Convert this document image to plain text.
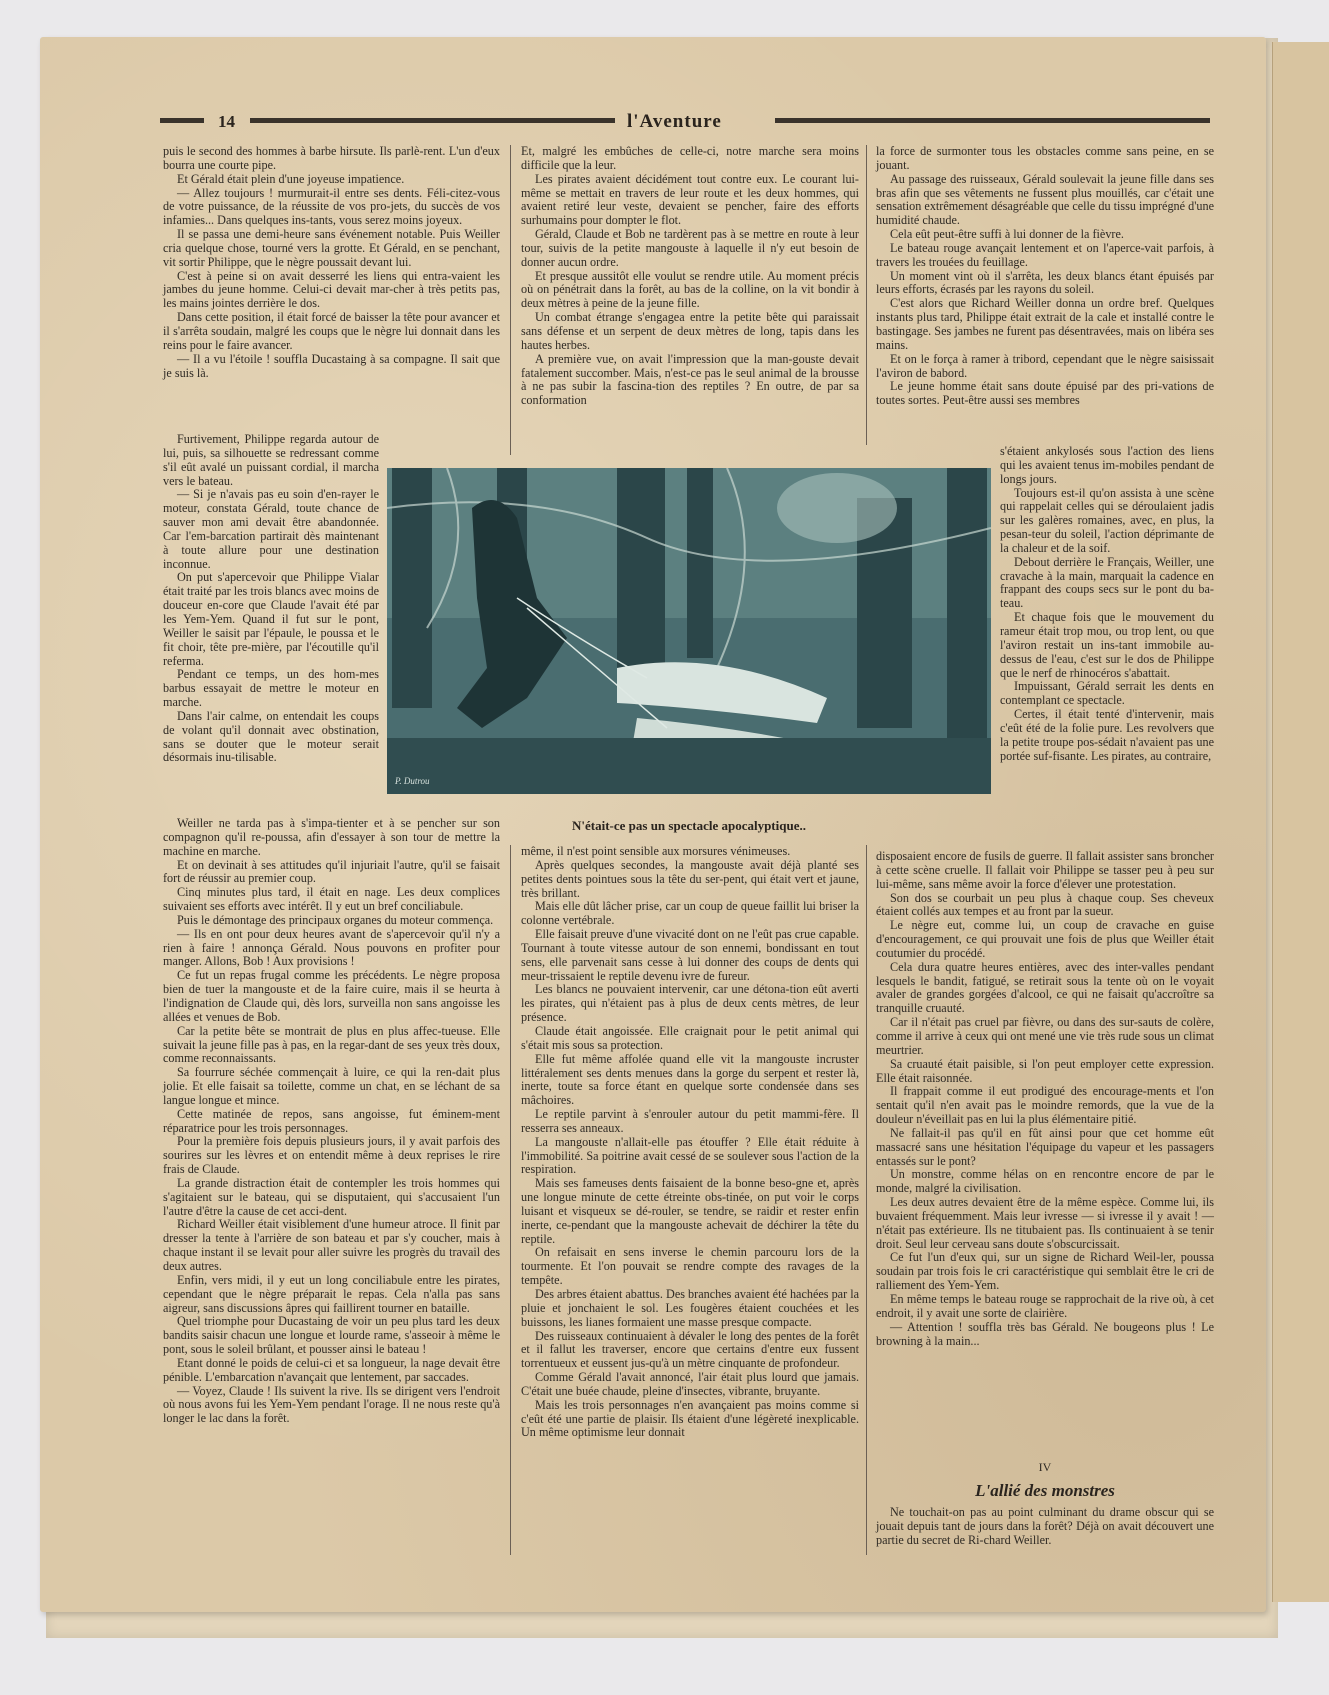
14	l'Aventure

puis le second des hommes à barbe hirsute. Ils parlè-rent. L'un d'eux bourra une courte pipe.

Et Gérald était plein d'une joyeuse impatience.

— Allez toujours ! murmurait-il entre ses dents. Féli-citez-vous de votre puissance, de la réussite de vos pro-jets, du succès de vos infamies... Dans quelques ins-tants, vous serez moins joyeux.

Il se passa une demi-heure sans événement notable. Puis Weiller cria quelque chose, tourné vers la grotte. Et Gérald, en se penchant, vit sortir Philippe, que le nègre poussait devant lui.

C'est à peine si on avait desserré les liens qui entra-vaient les jambes du jeune homme. Celui-ci devait mar-cher à très petits pas, les mains jointes derrière le dos.

Dans cette position, il était forcé de baisser la tête pour avancer et il s'arrêta soudain, malgré les coups que le nègre lui donnait dans les reins pour le faire avancer.

— Il a vu l'étoile ! souffla Ducastaing à sa compagne. Il sait que je suis là.

Furtivement, Philippe regarda autour de lui, puis, sa silhouette se redressant comme s'il eût avalé un puissant cordial, il marcha vers le bateau.

— Si je n'avais pas eu soin d'en-rayer le moteur, constata Gérald, toute chance de sauver mon ami devait être abandonnée. Car l'em-barcation partirait dès maintenant à toute allure pour une destination inconnue.

On put s'apercevoir que Philippe Vialar était traité par les trois blancs avec moins de douceur en-core que Claude l'avait été par les Yem-Yem. Quand il fut sur le pont, Weiller le saisit par l'épaule, le poussa et le fit choir, tête pre-mière, par l'écoutille qu'il referma.

Pendant ce temps, un des hom-mes barbus essayait de mettre le moteur en marche.

Dans l'air calme, on entendait les coups de volant qu'il donnait avec obstination, sans se douter que le moteur serait désormais inu-tilisable.

Et, malgré les embûches de celle-ci, notre marche sera moins difficile que la leur.

Les pirates avaient décidément tout contre eux. Le courant lui-même se mettait en travers de leur route et les deux hommes, qui avaient retiré leur veste, devaient se pencher, faire des efforts surhumains pour dompter le flot.

Gérald, Claude et Bob ne tardèrent pas à se mettre en route à leur tour, suivis de la petite mangouste à laquelle il n'y eut besoin de donner aucun ordre.

Et presque aussitôt elle voulut se rendre utile. Au moment précis où on pénétrait dans la forêt, au bas de la colline, on la vit bondir à deux mètres à peine de la jeune fille.

Un combat étrange s'engagea entre la petite bête qui paraissait sans défense et un serpent de deux mètres de long, tapis dans les hautes herbes.

A première vue, on avait l'impression que la man-gouste devait fatalement succomber. Mais, n'est-ce pas le seul animal de la brousse à ne pas subir la fascina-tion des reptiles ? En outre, de par sa conformation

la force de surmonter tous les obstacles comme sans peine, en se jouant.

Au passage des ruisseaux, Gérald soulevait la jeune fille dans ses bras afin que ses vêtements ne fussent plus mouillés, car c'était une sensation extrêmement désagréable que celle du tissu imprégné d'une humidité chaude.

Cela eût peut-être suffi à lui donner de la fièvre.

Le bateau rouge avançait lentement et on l'aperce-vait parfois, à travers les trouées du feuillage.

Un moment vint où il s'arrêta, les deux blancs étant épuisés par leurs efforts, écrasés par les rayons du soleil.

C'est alors que Richard Weiller donna un ordre bref. Quelques instants plus tard, Philippe était extrait de la cale et installé contre le bastingage. Ses jambes ne furent pas désentravées, mais on libéra ses mains.

Et on le força à ramer à tribord, cependant que le nègre saisissait l'aviron de babord.

Le jeune homme était sans doute épuisé par des pri-vations de toutes sortes. Peut-être aussi ses membres

s'étaient ankylosés sous l'action des liens qui les avaient tenus im-mobiles pendant de longs jours.

Toujours est-il qu'on assista à une scène qui rappelait celles qui se déroulaient jadis sur les galères romaines, avec, en plus, la pesan-teur du soleil, l'action déprimante de la chaleur et de la soif.

Debout derrière le Français, Weiller, une cravache à la main, marquait la cadence en frappant des coups secs sur le pont du ba-teau.

Et chaque fois que le mouvement du rameur était trop mou, ou trop lent, ou que l'aviron restait un ins-tant immobile au-dessus de l'eau, c'est sur le dos de Philippe que le nerf de rhinocéros s'abattait.

Impuissant, Gérald serrait les dents en contemplant ce spectacle.

Certes, il était tenté d'intervenir, mais c'eût été de la folie pure. Les revolvers que la petite troupe pos-sédait n'avaient pas une portée suf-fisante. Les pirates, au contraire,

P. Dutrou
N'était-ce pas un spectacle apocalyptique..

Weiller ne tarda pas à s'impa-tienter et à se pencher sur son compagnon qu'il re-poussa, afin d'essayer à son tour de mettre la machine en marche.

Et on devinait à ses attitudes qu'il injuriait l'autre, qu'il se faisait fort de réussir au premier coup.

Cinq minutes plus tard, il était en nage. Les deux complices suivaient ses efforts avec intérêt. Il y eut un bref conciliabule.

Puis le démontage des principaux organes du moteur commença.

— Ils en ont pour deux heures avant de s'apercevoir qu'il n'y a rien à faire ! annonça Gérald. Nous pouvons en profiter pour manger. Allons, Bob ! Aux provisions !

Ce fut un repas frugal comme les précédents. Le nègre proposa bien de tuer la mangouste et de la faire cuire, mais il se heurta à l'indignation de Claude qui, dès lors, surveilla non sans angoisse les allées et venues de Bob.

Car la petite bête se montrait de plus en plus affec-tueuse. Elle suivait la jeune fille pas à pas, en la regar-dant de ses yeux très doux, comme reconnaissants.

Sa fourrure séchée commençait à luire, ce qui la ren-dait plus jolie. Et elle faisait sa toilette, comme un chat, en se léchant de sa langue longue et mince.

Cette matinée de repos, sans angoisse, fut éminem-ment réparatrice pour les trois personnages.

Pour la première fois depuis plusieurs jours, il y avait parfois des sourires sur les lèvres et on entendit même à deux reprises le rire frais de Claude.

La grande distraction était de contempler les trois hommes qui s'agitaient sur le bateau, qui se disputaient, qui s'accusaient l'un l'autre d'être la cause de cet acci-dent.

Richard Weiller était visiblement d'une humeur atroce. Il finit par dresser la tente à l'arrière de son bateau et par s'y coucher, mais à chaque instant il se levait pour aller suivre les progrès du travail des deux autres.

Enfin, vers midi, il y eut un long conciliabule entre les pirates, cependant que le nègre préparait le repas. Cela n'alla pas sans aigreur, sans discussions âpres qui faillirent tourner en bataille.

Quel triomphe pour Ducastaing de voir un peu plus tard les deux bandits saisir chacun une longue et lourde rame, s'asseoir à même le pont, sous le soleil brûlant, et pousser ainsi le bateau !

Etant donné le poids de celui-ci et sa longueur, la nage devait être pénible. L'embarcation n'avançait que lentement, par saccades.

— Voyez, Claude ! Ils suivent la rive. Ils se dirigent vers l'endroit où nous avons fui les Yem-Yem pendant l'orage. Il ne nous reste qu'à longer le lac dans la forêt.

même, il n'est point sensible aux morsures vénimeuses.

Après quelques secondes, la mangouste avait déjà planté ses petites dents pointues sous la tête du ser-pent, qui était vert et jaune, très brillant.

Mais elle dût lâcher prise, car un coup de queue faillit lui briser la colonne vertébrale.

Elle faisait preuve d'une vivacité dont on ne l'eût pas crue capable. Tournant à toute vitesse autour de son ennemi, bondissant en tout sens, elle parvenait sans cesse à lui donner des coups de dents qui meur-trissaient le reptile devenu ivre de fureur.

Les blancs ne pouvaient intervenir, car une détona-tion eût averti les pirates, qui n'étaient pas à plus de deux cents mètres, de leur présence.

Claude était angoissée. Elle craignait pour le petit animal qui s'était mis sous sa protection.

Elle fut même affolée quand elle vit la mangouste incruster littéralement ses dents menues dans la gorge du serpent et rester là, inerte, toute sa force étant en quelque sorte condensée dans ses mâchoires.

Le reptile parvint à s'enrouler autour du petit mammi-fère. Il resserra ses anneaux.

La mangouste n'allait-elle pas étouffer ? Elle était réduite à l'immobilité. Sa poitrine avait cessé de se soulever sous l'action de la respiration.

Mais ses fameuses dents faisaient de la bonne beso-gne et, après une longue minute de cette étreinte obs-tinée, on put voir le corps luisant et visqueux se dé-rouler, se tendre, se raidir et rester enfin inerte, ce-pendant que la mangouste achevait de déchirer la tête du reptile.

On refaisait en sens inverse le chemin parcouru lors de la tourmente. Et l'on pouvait se rendre compte des ravages de la tempête.

Des arbres étaient abattus. Des branches avaient été hachées par la pluie et jonchaient le sol. Les fougères étaient couchées et les buissons, les lianes formaient une masse presque compacte.

Des ruisseaux continuaient à dévaler le long des pentes de la forêt et il fallut les traverser, encore que certains d'entre eux fussent torrentueux et eussent jus-qu'à un mètre cinquante de profondeur.

Comme Gérald l'avait annoncé, l'air était plus lourd que jamais. C'était une buée chaude, pleine d'insectes, vibrante, bruyante.

Mais les trois personnages n'en avançaient pas moins comme si c'eût été une partie de plaisir. Ils étaient d'une légèreté inexplicable. Un même optimisme leur donnait

disposaient encore de fusils de guerre. Il fallait assister sans broncher à cette scène cruelle. Il fallait voir Philippe se tasser peu à peu sur lui-même, sans même avoir la force d'élever une protestation.

Son dos se courbait un peu plus à chaque coup. Ses cheveux étaient collés aux tempes et au front par la sueur.

Le nègre eut, comme lui, un coup de cravache en guise d'encouragement, ce qui prouvait une fois de plus que Weiller était coutumier du procédé.

Cela dura quatre heures entières, avec des inter-valles pendant lesquels le bandit, fatigué, se retirait sous la tente où on le voyait avaler de grandes gorgées d'alcool, ce qui ne faisait qu'accroître sa tranquille cruauté.

Car il n'était pas cruel par fièvre, ou dans des sur-sauts de colère, comme il arrive à ceux qui ont mené une vie très rude sous un climat meurtrier.

Sa cruauté était paisible, si l'on peut employer cette expression. Elle était raisonnée.

Il frappait comme il eut prodigué des encourage-ments et l'on sentait qu'il n'en avait pas le moindre remords, que la vue de la douleur n'éveillait pas en lui la plus élémentaire pitié.

Ne fallait-il pas qu'il en fût ainsi pour que cet homme eût massacré sans une hésitation l'équipage du vapeur et les passagers entassés sur le pont?

Un monstre, comme hélas on en rencontre encore de par le monde, malgré la civilisation.

Les deux autres devaient être de la même espèce. Comme lui, ils buvaient fréquemment. Mais leur ivresse — si ivresse il y avait ! — n'était pas extérieure. Ils ne titubaient pas. Ils continuaient à se tenir droit. Seul leur cerveau sans doute s'obscurcissait.

Ce fut l'un d'eux qui, sur un signe de Richard Weil-ler, poussa soudain par trois fois le cri caractéristique qui semblait être le cri de ralliement des Yem-Yem.

En même temps le bateau rouge se rapprochait de la rive où, à cet endroit, il y avait une sorte de clairière.

— Attention ! souffla très bas Gérald. Ne bougeons plus ! Le browning à la main...

IV
L'allié des monstres

Ne touchait-on pas au point culminant du drame obscur qui se jouait depuis tant de jours dans la forêt? Déjà on avait découvert une partie du secret de Ri-chard Weiller.
